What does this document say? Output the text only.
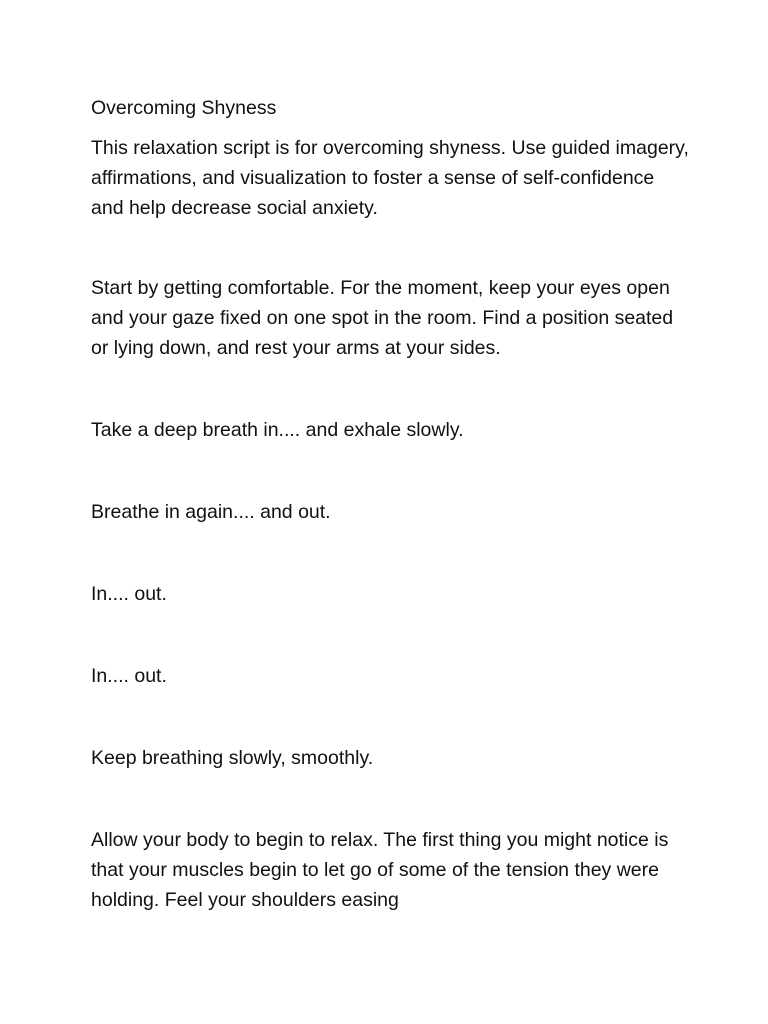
Overcoming Shyness

This relaxation script is for overcoming shyness. Use guided imagery, affirmations, and visualization to foster a sense of self-confidence and help decrease social anxiety.

Start by getting comfortable. For the moment, keep your eyes open and your gaze fixed on one spot in the room. Find a position seated or lying down, and rest your arms at your sides.

Take a deep breath in.... and exhale slowly.

Breathe in again.... and out.

In.... out.

In.... out.

Keep breathing slowly, smoothly.

Allow your body to begin to relax. The first thing you might notice is that your muscles begin to let go of some of the tension they were holding. Feel your shoulders easing
